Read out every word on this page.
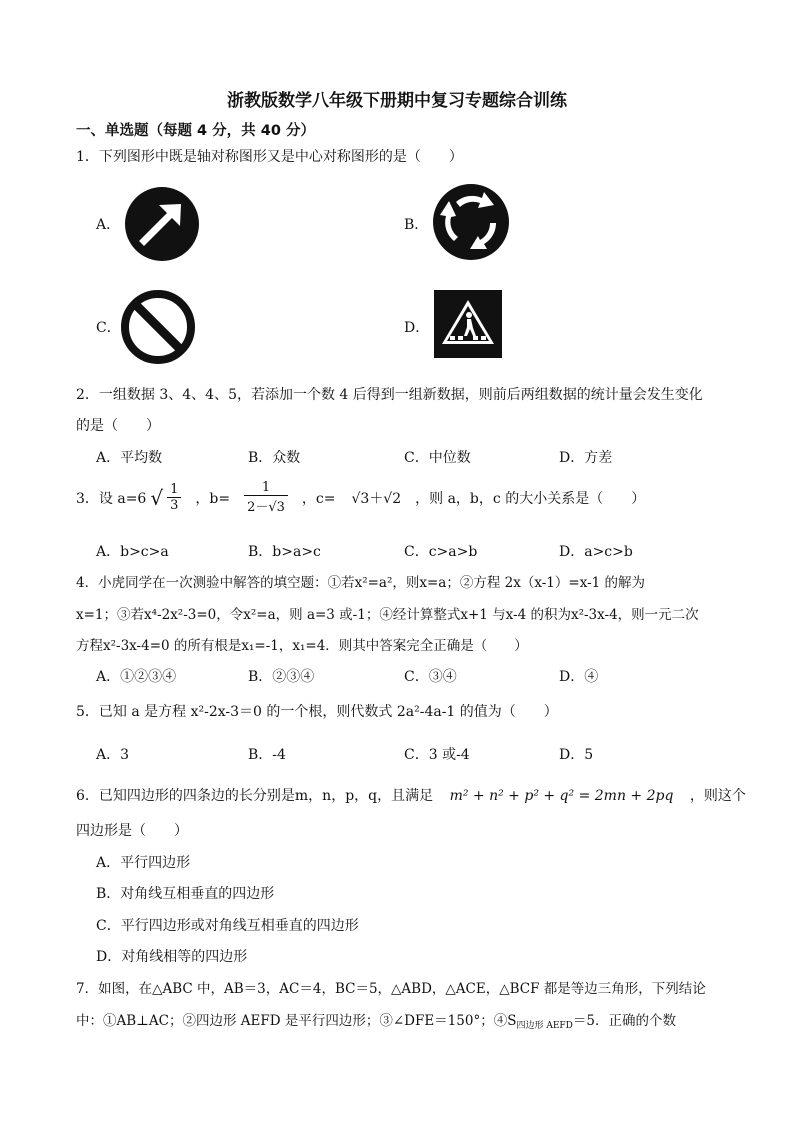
浙教版数学八年级下册期中复习专题综合训练
一、单选题（每题 4 分，共 40 分）
1．下列图形中既是轴对称图形又是中心对称图形的是（　　）
A．	B．
C．	D．
2．一组数据 3、4、4、5，若添加一个数 4 后得到一组新数据，则前后两组数据的统计量会发生变化
的是（　　）
A．平均数	B．众数	C．中位数	D．方差
3．设 a=6 √ $\frac{1}{3}$ ，$b= \frac{1}{2-√3}$ ，c= √3＋√2 ，则 a，b，c 的大小关系是（　　）
A．b>c>a	B．b>a>c	C．c>a>b	D．a>c>b
4．小虎同学在一次测验中解答的填空题：①若x²=a²，则x=a；②方程 2x（x-1）=x-1 的解为
x=1；③若x⁴-2x²-3=0，令x²=a，则 a=3 或-1；④经计算整式x+1 与x-4 的积为x²-3x-4，则一元二次
方程x²-3x-4=0 的所有根是x₁=-1，x₁=4．则其中答案完全正确是（　　）
A．①②③④	B．②③④	C．③④	D．④
5．已知 a 是方程 x²-2x-3＝0 的一个根，则代数式 2a²-4a-1 的值为（　　）
A．3	B．-4	C．3 或-4	D．5
6．已知四边形的四条边的长分别是m，n，p，q，且满足 m² + n² + p² + q² = 2mn + 2pq ，则这个
四边形是（　　）
A．平行四边形
B．对角线互相垂直的四边形
C．平行四边形或对角线互相垂直的四边形
D．对角线相等的四边形
7．如图，在△ABC 中，AB＝3，AC＝4，BC＝5，△ABD，△ACE，△BCF 都是等边三角形，下列结论
中：①AB⊥AC；②四边形 AEFD 是平行四边形；③∠DFE＝150°；$④S_{四边形 AEFD}=5$．正确的个数
